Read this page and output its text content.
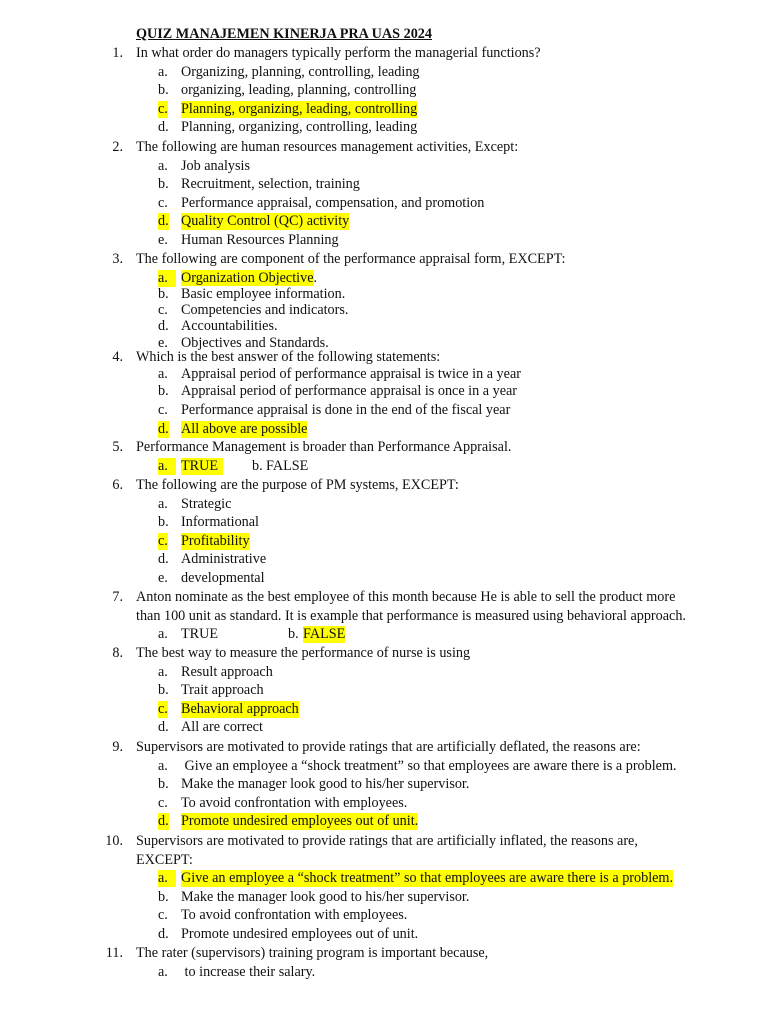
QUIZ MANAJEMEN KINERJA PRA UAS 2024
1. In what order do managers typically perform the managerial functions?
a. Organizing, planning, controlling, leading
b. organizing, leading, planning, controlling
c. Planning, organizing, leading, controlling
d. Planning, organizing, controlling, leading
2. The following are human resources management activities, Except:
a. Job analysis
b. Recruitment, selection, training
c. Performance appraisal, compensation, and promotion
d. Quality Control (QC) activity
e. Human Resources Planning
3. The following are component of the performance appraisal form, EXCEPT:
a. Organization Objective.
b. Basic employee information.
c. Competencies and indicators.
d. Accountabilities.
e. Objectives and Standards.
4. Which is the best answer of the following statements:
a. Appraisal period of performance appraisal is twice in a year
b. Appraisal period of performance appraisal is once in a year
c. Performance appraisal is done in the end of the fiscal year
d. All above are possible
5. Performance Management is broader than Performance Appraisal.
a. TRUE	b. FALSE
6. The following are the purpose of PM systems, EXCEPT:
a. Strategic
b. Informational
c. Profitability
d. Administrative
e. developmental
7. Anton nominate as the best employee of this month because He is able to sell the product more
than 100 unit as standard. It is example that performance is measured using behavioral approach.
a. TRUE	b. FALSE
8. The best way to measure the performance of nurse is using
a. Result approach
b. Trait approach
c. Behavioral approach
d. All are correct
9. Supervisors are motivated to provide ratings that are artificially deflated, the reasons are:
a. Give an employee a “shock treatment” so that employees are aware there is a problem.
b. Make the manager look good to his/her supervisor.
c. To avoid confrontation with employees.
d. Promote undesired employees out of unit.
10. Supervisors are motivated to provide ratings that are artificially inflated, the reasons are,
EXCEPT:
a. Give an employee a “shock treatment” so that employees are aware there is a problem.
b. Make the manager look good to his/her supervisor.
c. To avoid confrontation with employees.
d. Promote undesired employees out of unit.
11. The rater (supervisors) training program is important because,
a. to increase their salary.
